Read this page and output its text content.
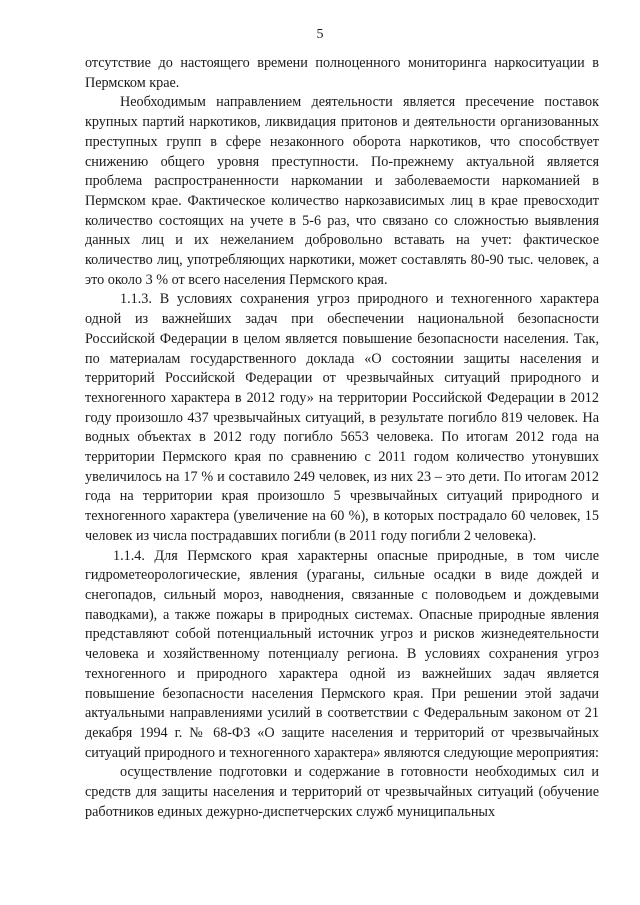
5

отсутствие до настоящего времени полноценного мониторинга наркоситуации в Пермском крае.

Необходимым направлением деятельности является пресечение поставок крупных партий наркотиков, ликвидация притонов и деятельности организованных преступных групп в сфере незаконного оборота наркотиков, что способствует снижению общего уровня преступности. По-прежнему актуальной является проблема распространенности наркомании и заболеваемости наркоманией в Пермском крае. Фактическое количество наркозависимых лиц в крае превосходит количество состоящих на учете в 5-6 раз, что связано со сложностью выявления данных лиц и их нежеланием добровольно вставать на учет: фактическое количество лиц, употребляющих наркотики, может составлять 80-90 тыс. человек, а это около 3 % от всего населения Пермского края.

1.1.3. В условиях сохранения угроз природного и техногенного характера одной из важнейших задач при обеспечении национальной безопасности Российской Федерации в целом является повышение безопасности населения. Так, по материалам государственного доклада «О состоянии защиты населения и территорий Российской Федерации от чрезвычайных ситуаций природного и техногенного характера в 2012 году» на территории Российской Федерации в 2012 году произошло 437 чрезвычайных ситуаций, в результате погибло 819 человек. На водных объектах в 2012 году погибло 5653 человека. По итогам 2012 года на территории Пермского края по сравнению с 2011 годом количество утонувших увеличилось на 17 % и составило 249 человек, из них 23 – это дети. По итогам 2012 года на территории края произошло 5 чрезвычайных ситуаций природного и техногенного характера (увеличение на 60 %), в которых пострадало 60 человек, 15 человек из числа пострадавших погибли (в 2011 году погибли 2 человека).

1.1.4. Для Пермского края характерны опасные природные, в том числе гидрометеорологические, явления (ураганы, сильные осадки в виде дождей и снегопадов, сильный мороз, наводнения, связанные с половодьем и дождевыми паводками), а также пожары в природных системах. Опасные природные явления представляют собой потенциальный источник угроз и рисков жизнедеятельности человека и хозяйственному потенциалу региона. В условиях сохранения угроз техногенного и природного характера одной из важнейших задач является повышение безопасности населения Пермского края. При решении этой задачи актуальными направлениями усилий в соответствии с Федеральным законом от 21 декабря 1994 г. № 68-ФЗ «О защите населения и территорий от чрезвычайных ситуаций природного и техногенного характера» являются следующие мероприятия:

осуществление подготовки и содержание в готовности необходимых сил и средств для защиты населения и территорий от чрезвычайных ситуаций (обучение работников единых дежурно-диспетчерских служб муниципальных
